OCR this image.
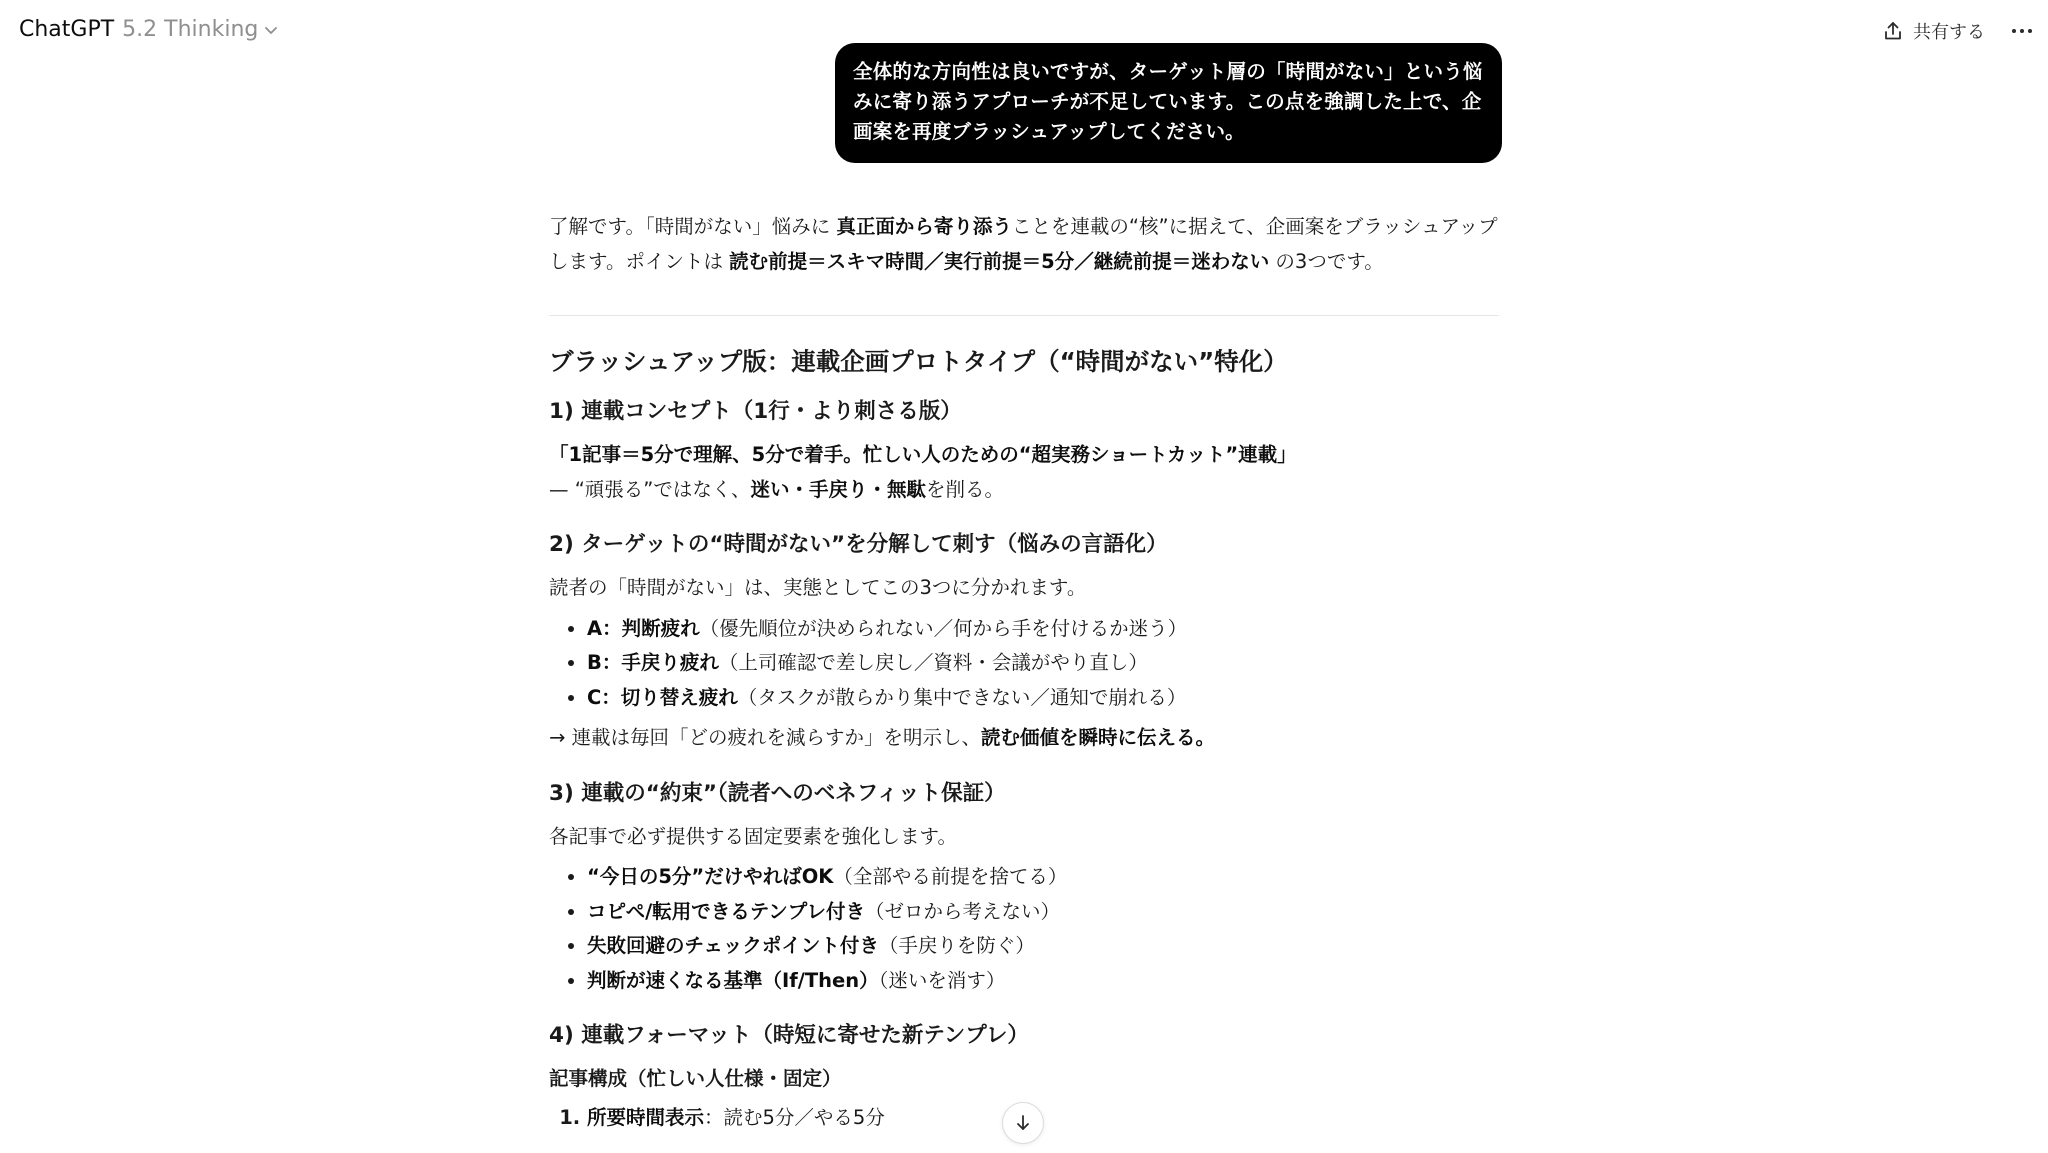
ChatGPT 5.2 Thinking	共有する
全体的な方向性は良いですが、ターゲット層の「時間がない」という悩みに寄り添うアプローチが不足しています。この点を強調した上で、企画案を再度ブラッシュアップしてください。

了解です。「時間がない」悩みに 真正面から寄り添うことを連載の“核”に据えて、企画案をブラッシュアップします。ポイントは 読む前提＝スキマ時間／実行前提＝5分／継続前提＝迷わない の3つです。

ブラッシュアップ版：連載企画プロトタイプ（“時間がない”特化）
1) 連載コンセプト（1行・より刺さる版）

「1記事＝5分で理解、5分で着手。忙しい人のための“超実務ショートカット”連載」

— “頑張る”ではなく、迷い・手戻り・無駄を削る。

2) ターゲットの“時間がない”を分解して刺す（悩みの言語化）

読者の「時間がない」は、実態としてこの3つに分かれます。

• A：判断疲れ（優先順位が決められない／何から手を付けるか迷う）
• B：手戻り疲れ（上司確認で差し戻し／資料・会議がやり直し）
• C：切り替え疲れ（タスクが散らかり集中できない／通知で崩れる）

→ 連載は毎回「どの疲れを減らすか」を明示し、読む価値を瞬時に伝える。

3) 連載の“約束”（読者へのベネフィット保証）

各記事で必ず提供する固定要素を強化します。

• “今日の5分”だけやればOK（全部やる前提を捨てる）
• コピペ/転用できるテンプレ付き（ゼロから考えない）
• 失敗回避のチェックポイント付き（手戻りを防ぐ）
• 判断が速くなる基準（If/Then）（迷いを消す）
4) 連載フォーマット（時短に寄せた新テンプレ）
記事構成（忙しい人仕様・固定）
1. 所要時間表示：読む5分／やる5分
